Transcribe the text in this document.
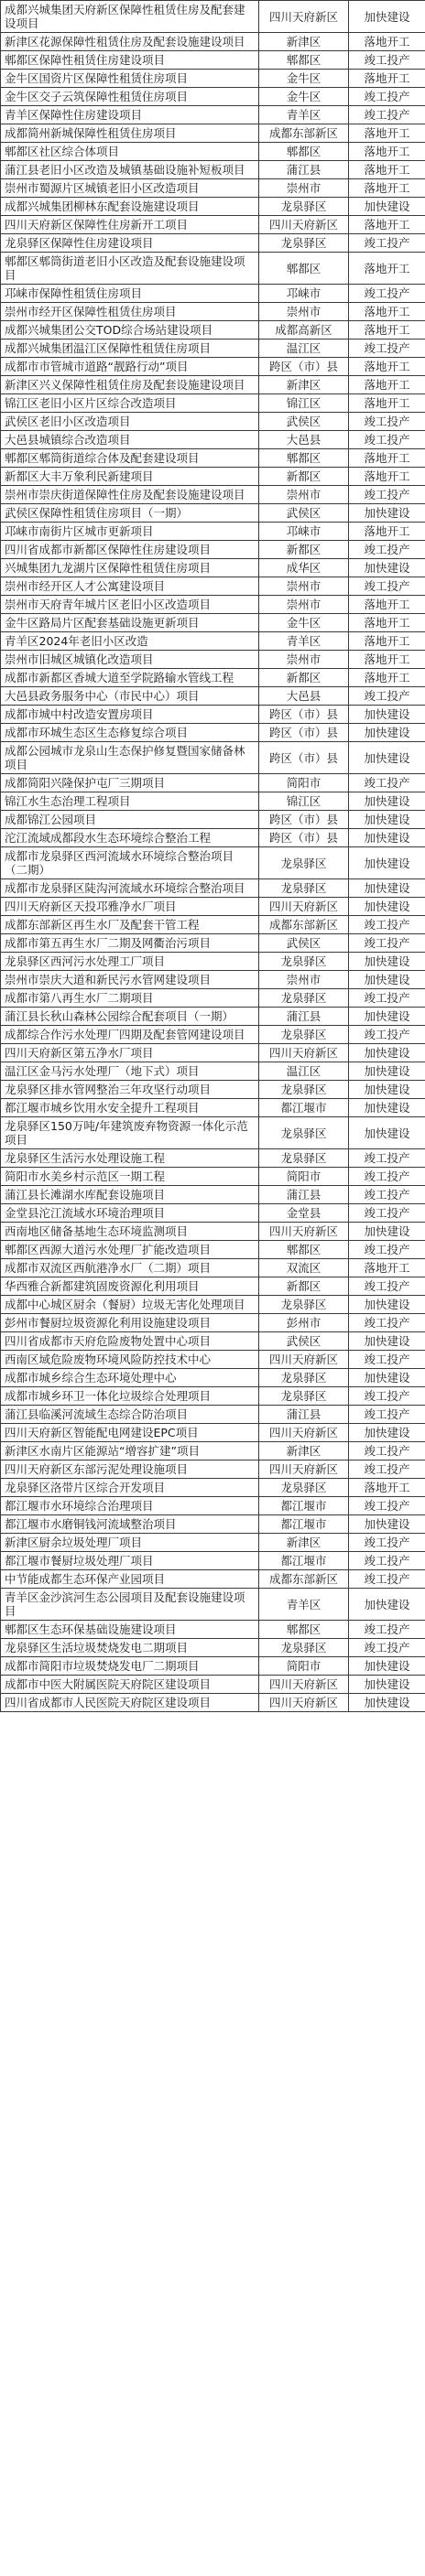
成都兴城集团天府新区保障性租赁住房及配套建设项目	四川天府新区	加快建设
新津区花源保障性租赁住房及配套设施建设项目	新津区	落地开工
郫都区保障性租赁住房建设项目	郫都区	竣工投产
金牛区国资片区保障性租赁住房项目	金牛区	落地开工
金牛区交子云筑保障性租赁住房项目	金牛区	竣工投产
青羊区保障性住房建设项目	青羊区	竣工投产
成都简州新城保障性租赁住房项目	成都东部新区	落地开工
郫都区社区综合体项目	郫都区	落地开工
蒲江县老旧小区改造及城镇基础设施补短板项目	蒲江县	落地开工
崇州市蜀源片区城镇老旧小区改造项目	崇州市	落地开工
成都兴城集团柳林东配套设施建设项目	龙泉驿区	加快建设
四川天府新区保障性住房新开工项目	四川天府新区	落地开工
龙泉驿区保障性住房建设项目	龙泉驿区	竣工投产
郫都区郫筒街道老旧小区改造及配套设施建设项目	郫都区	落地开工
邛崃市保障性租赁住房项目	邛崃市	竣工投产
崇州市经开区保障性租赁住房项目	崇州市	落地开工
成都兴城集团公交TOD综合场站建设项目	成都高新区	落地开工
成都兴城集团温江区保障性租赁住房项目	温江区	竣工投产
成都市市管城市道路“靓路行动”项目	跨区（市）县	落地开工
新津区兴义保障性租赁住房及配套设施建设项目	新津区	落地开工
锦江区老旧小区片区综合改造项目	锦江区	落地开工
武侯区老旧小区改造项目	武侯区	竣工投产
大邑县城镇综合改造项目	大邑县	竣工投产
郫都区郫筒街道综合体及配套建设项目	郫都区	落地开工
新都区大丰万象利民新建项目	新都区	落地开工
崇州市崇庆街道保障性住房及配套设施建设项目	崇州市	竣工投产
武侯区保障性租赁住房项目（一期）	武侯区	加快建设
邛崃市南街片区城市更新项目	邛崃市	落地开工
四川省成都市新都区保障性住房建设项目	新都区	竣工投产
兴城集团九龙湖片区保障性租赁住房项目	成华区	加快建设
崇州市经开区人才公寓建设项目	崇州市	竣工投产
崇州市天府青年城片区老旧小区改造项目	崇州市	落地开工
金牛区路局片区配套基础设施更新项目	金牛区	落地开工
青羊区2024年老旧小区改造	青羊区	落地开工
崇州市旧城区城镇化改造项目	崇州市	落地开工
成都市新都区香城大道至学院路输水管线工程	新都区	落地开工
大邑县政务服务中心（市民中心）项目	大邑县	竣工投产
成都市城中村改造安置房项目	跨区（市）县	加快建设
成都市环城生态区生态修复综合项目	跨区（市）县	加快建设
成都公园城市龙泉山生态保护修复暨国家储备林项目	跨区（市）县	加快建设
成都简阳兴隆保护屯厂三期项目	简阳市	竣工投产
锦江水生态治理工程项目	锦江区	加快建设
成都锦江公园项目	跨区（市）县	加快建设
沱江流域成都段水生态环境综合整治工程	跨区（市）县	加快建设
成都市龙泉驿区西河流域水环境综合整治项目（二期）	龙泉驿区	加快建设
成都市龙泉驿区陡沟河流域水环境综合整治项目	龙泉驿区	加快建设
四川天府新区天投邛雅净水厂项目	四川天府新区	加快建设
成都东部新区再生水厂及配套干管工程	成都东部新区	竣工投产
成都市第五再生水厂二期及网衢治污项目	武侯区	竣工投产
龙泉驿区西河污水处理工厂项目	龙泉驿区	加快建设
崇州市崇庆大道和新民污水管网建设项目	崇州市	加快建设
成都市第八再生水厂二期项目	龙泉驿区	竣工投产
蒲江县长秋山森林公园综合配套项目（一期）	蒲江县	加快建设
成都综合作污水处理厂四期及配套管网建设项目	龙泉驿区	竣工投产
四川天府新区第五净水厂项目	四川天府新区	加快建设
温江区金马污水处理厂（地下式）项目	温江区	加快建设
龙泉驿区排水管网整治三年攻坚行动项目	龙泉驿区	加快建设
都江堰市城乡饮用水安全提升工程项目	都江堰市	加快建设
龙泉驿区150万吨/年建筑废弃物资源一体化示范项目	龙泉驿区	加快建设
龙泉驿区生活污水处理设施工程	龙泉驿区	竣工投产
简阳市水美乡村示范区一期工程	简阳市	竣工投产
蒲江县长滩湖水库配套设施项目	蒲江县	竣工投产
金堂县沱江流域水环境治理项目	金堂县	竣工投产
西南地区储备基地生态环境监测项目	四川天府新区	加快建设
郫都区西源大道污水处理厂扩能改造项目	郫都区	竣工投产
成都市双流区西航港净水厂（二期）项目	双流区	落地开工
华西雅合新都建筑固废资源化利用项目	新都区	竣工投产
成都中心城区厨余（餐厨）垃圾无害化处理项目	龙泉驿区	加快建设
彭州市餐厨垃圾资源化利用设施建设项目	彭州市	竣工投产
四川省成都市天府危险废物处置中心项目	武侯区	加快建设
西南区域危险废物环境风险防控技术中心	四川天府新区	竣工投产
成都市城乡综合生态环境处理中心	龙泉驿区	加快建设
成都市城乡环卫一体化垃圾综合处理项目	龙泉驿区	竣工投产
蒲江县临溪河流域生态综合防治项目	蒲江县	竣工投产
四川天府新区智能配电网建设EPC项目	四川天府新区	加快建设
新津区水南片区能源站“增容扩建”项目	新津区	竣工投产
四川天府新区东部污泥处理设施项目	四川天府新区	竣工投产
龙泉驿区洛带片区综合开发项目	龙泉驿区	落地开工
都江堰市水环境综合治理项目	都江堰市	竣工投产
都江堰市水磨铜钱河流域整治项目	都江堰市	加快建设
新津区厨余垃圾处理厂项目	新津区	竣工投产
都江堰市餐厨垃圾处理厂项目	都江堰市	竣工投产
中节能成都生态环保产业园项目	成都东部新区	竣工投产
青羊区金沙滨河生态公园项目及配套设施建设项目	青羊区	加快建设
郫都区生态环保基础设施建设项目	郫都区	竣工投产
龙泉驿区生活垃圾焚烧发电二期项目	龙泉驿区	竣工投产
成都市简阳市垃圾焚烧发电厂二期项目	简阳市	加快建设
成都市中医大附属医院天府院区建设项目	四川天府新区	加快建设
四川省成都市人民医院天府院区建设项目	四川天府新区	加快建设
